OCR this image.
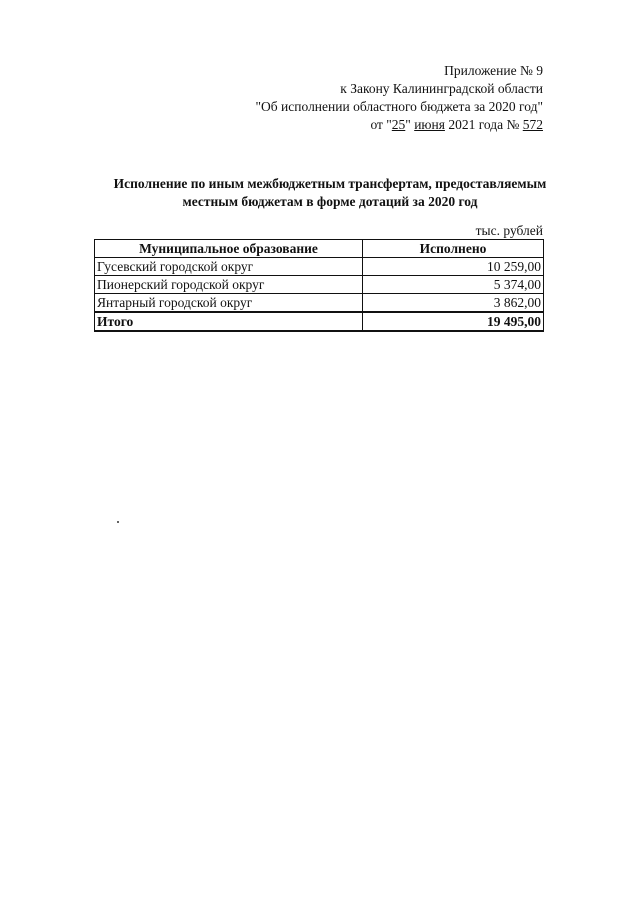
Приложение № 9
к Закону Калининградской области
"Об исполнении областного бюджета за 2020 год"
от "25" июня 2021 года № 572
Исполнение по иным межбюджетным трансфертам, предоставляемым
местным бюджетам в форме дотаций за 2020 год
тыс. рублей
Муниципальное образование	Исполнено
Гусевский городской округ	10 259,00
Пионерский городской округ	5 374,00
Янтарный городской округ	3 862,00
Итого	19 495,00
